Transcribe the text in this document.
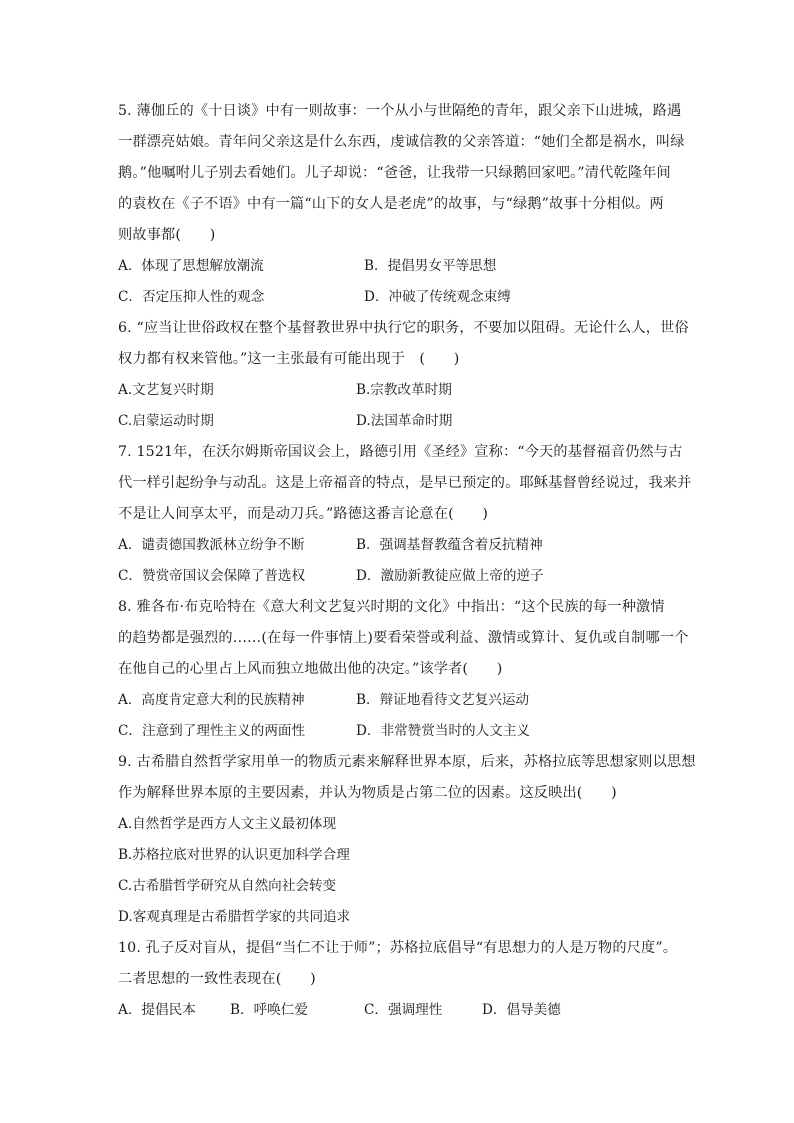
5. 薄伽丘的《十日谈》中有一则故事：一个从小与世隔绝的青年，跟父亲下山进城，路遇
一群漂亮姑娘。青年问父亲这是什么东西，虔诚信教的父亲答道：“她们全都是祸水，叫绿
鹅。”他嘱咐儿子别去看她们。儿子却说：“爸爸，让我带一只绿鹅回家吧。”清代乾隆年间
的袁枚在《子不语》中有一篇“山下的女人是老虎”的故事，与“绿鹅”故事十分相似。两
则故事都(　　)
A．体现了思想解放潮流	B．提倡男女平等思想
C．否定压抑人性的观念	D．冲破了传统观念束缚
6. “应当让世俗政权在整个基督教世界中执行它的职务，不要加以阻碍。无论什么人，世俗
权力都有权来管他。”这一主张最有可能出现于　(　　)
A.文艺复兴时期	B.宗教改革时期
C.启蒙运动时期	D.法国革命时期
7. 1521年，在沃尔姆斯帝国议会上，路德引用《圣经》宣称：“今天的基督福音仍然与古
代一样引起纷争与动乱。这是上帝福音的特点，是早已预定的。耶稣基督曾经说过，我来并
不是让人间享太平，而是动刀兵。”路德这番言论意在(　　)
A．谴责德国教派林立纷争不断	B．强调基督教蕴含着反抗精神
C．赞赏帝国议会保障了普选权	D．激励新教徒应做上帝的逆子
8. 雅各布·布克哈特在《意大利文艺复兴时期的文化》中指出：“这个民族的每一种激情
的趋势都是强烈的……(在每一件事情上)要看荣誉或利益、激情或算计、复仇或自制哪一个
在他自己的心里占上风而独立地做出他的决定。”该学者(　　)
A．高度肯定意大利的民族精神	B．辩证地看待文艺复兴运动
C．注意到了理性主义的两面性	D．非常赞赏当时的人文主义
9. 古希腊自然哲学家用单一的物质元素来解释世界本原，后来，苏格拉底等思想家则以思想
作为解释世界本原的主要因素，并认为物质是占第二位的因素。这反映出(　　)
A.自然哲学是西方人文主义最初体现
B.苏格拉底对世界的认识更加科学合理
C.古希腊哲学研究从自然向社会转变
D.客观真理是古希腊哲学家的共同追求
10. 孔子反对盲从，提倡“当仁不让于师”；苏格拉底倡导“有思想力的人是万物的尺度”。
二者思想的一致性表现在(　　)
A．提倡民本	B．呼唤仁爱	C．强调理性	D．倡导美德
